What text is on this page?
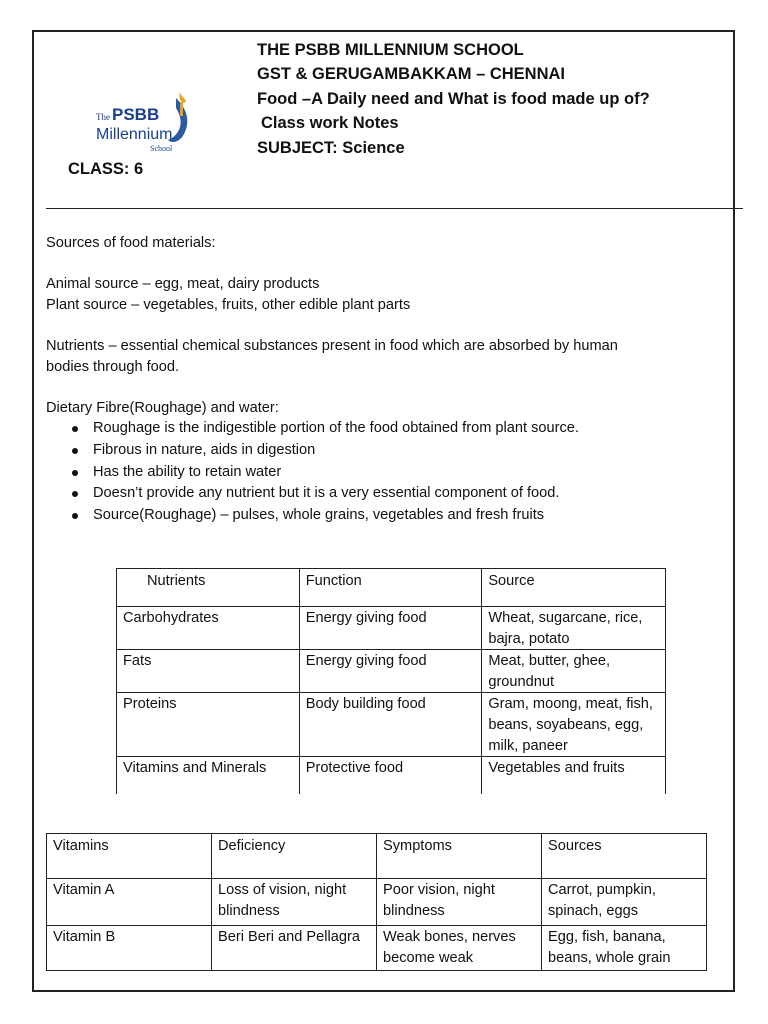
The PSBB
Millennium
School
THE PSBB MILLENNIUM SCHOOL
GST & GERUGAMBAKKAM – CHENNAI
Food –A Daily need and What is food made up of?
Class work Notes
SUBJECT: Science
CLASS: 6

Sources of food materials:

Animal source – egg, meat, dairy products

Plant source – vegetables, fruits, other edible plant parts

Nutrients – essential chemical substances present in food which are absorbed by human

bodies through food.

Dietary Fibre(Roughage) and water:

Roughage is the indigestible portion of the food obtained from plant source.
Fibrous in nature, aids in digestion
Has the ability to retain water
Doesn’t provide any nutrient but it is a very essential component of food.
Source(Roughage) – pulses, whole grains, vegetables and fresh fruits
Nutrients	Function	Source
Carbohydrates	Energy giving food	Wheat, sugarcane, rice, bajra, potato
Fats	Energy giving food	Meat, butter, ghee, groundnut
Proteins	Body building food	Gram, moong, meat, fish, beans, soyabeans, egg, milk, paneer
Vitamins and Minerals	Protective food	Vegetables and fruits
Vitamins	Deficiency	Symptoms	Sources
Vitamin A	Loss of vision, night blindness	Poor vision, night blindness	Carrot, pumpkin, spinach, eggs
Vitamin B	Beri Beri and Pellagra	Weak bones, nerves become weak	Egg, fish, banana, beans, whole grain
